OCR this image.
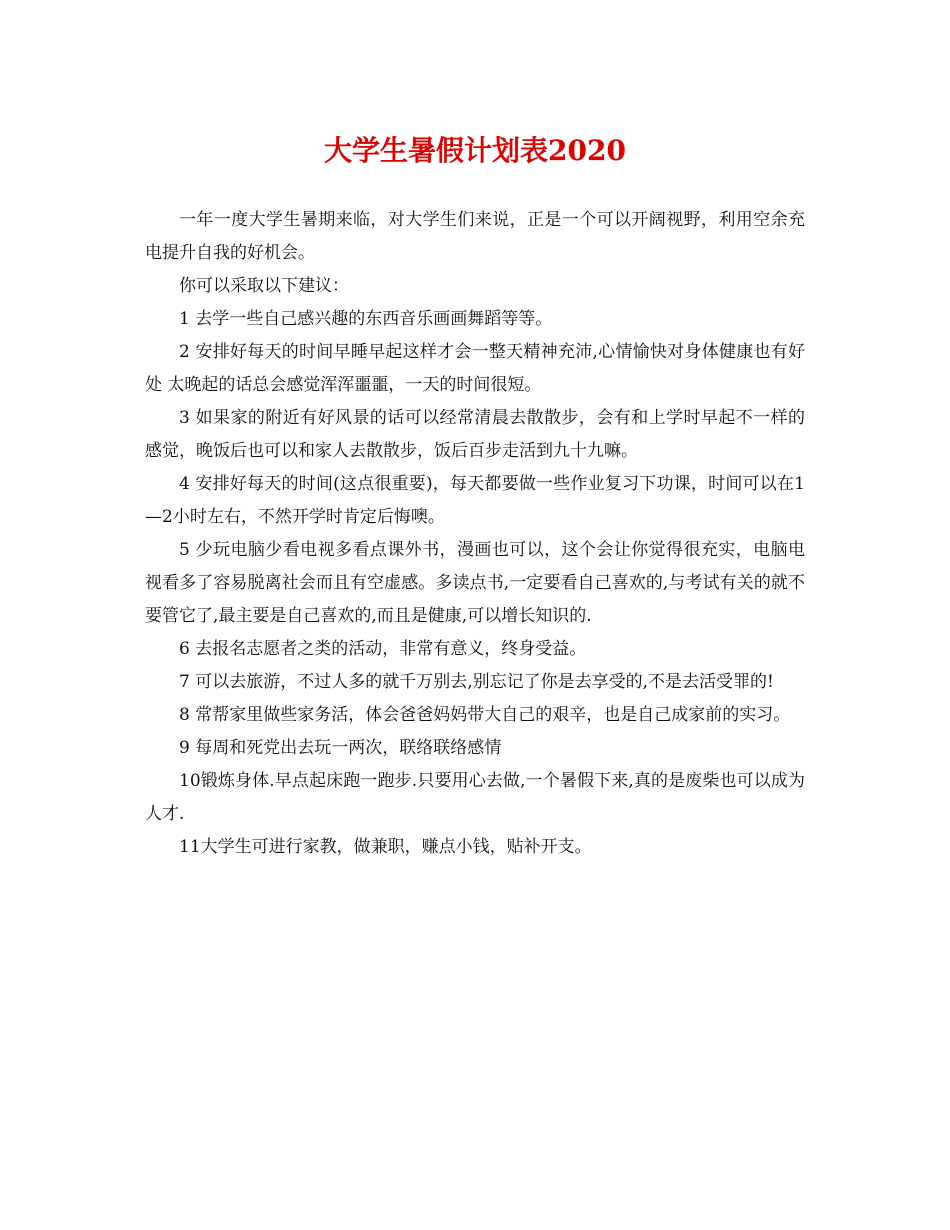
大学生暑假计划表2020

一年一度大学生暑期来临，对大学生们来说，正是一个可以开阔视野，利用空余充电提升自我的好机会。

你可以采取以下建议：

1 去学一些自己感兴趣的东西音乐画画舞蹈等等。

2 安排好每天的时间早睡早起这样才会一整天精神充沛,心情愉快对身体健康也有好处 太晚起的话总会感觉浑浑噩噩，一天的时间很短。

3 如果家的附近有好风景的话可以经常清晨去散散步，会有和上学时早起不一样的感觉，晚饭后也可以和家人去散散步，饭后百步走活到九十九嘛。

4 安排好每天的时间(这点很重要)，每天都要做一些作业复习下功课，时间可以在1—2小时左右，不然开学时肯定后悔噢。

5 少玩电脑少看电视多看点课外书，漫画也可以，这个会让你觉得很充实，电脑电视看多了容易脱离社会而且有空虚感。多读点书,一定要看自己喜欢的,与考试有关的就不要管它了,最主要是自己喜欢的,而且是健康,可以增长知识的.

6 去报名志愿者之类的活动，非常有意义，终身受益。

7 可以去旅游，不过人多的就千万别去,别忘记了你是去享受的,不是去活受罪的!

8 常帮家里做些家务活，体会爸爸妈妈带大自己的艰辛，也是自己成家前的实习。

9 每周和死党出去玩一两次，联络联络感情

10锻炼身体.早点起床跑一跑步.只要用心去做,一个暑假下来,真的是废柴也可以成为人才.

11大学生可进行家教，做兼职，赚点小钱，贴补开支。
